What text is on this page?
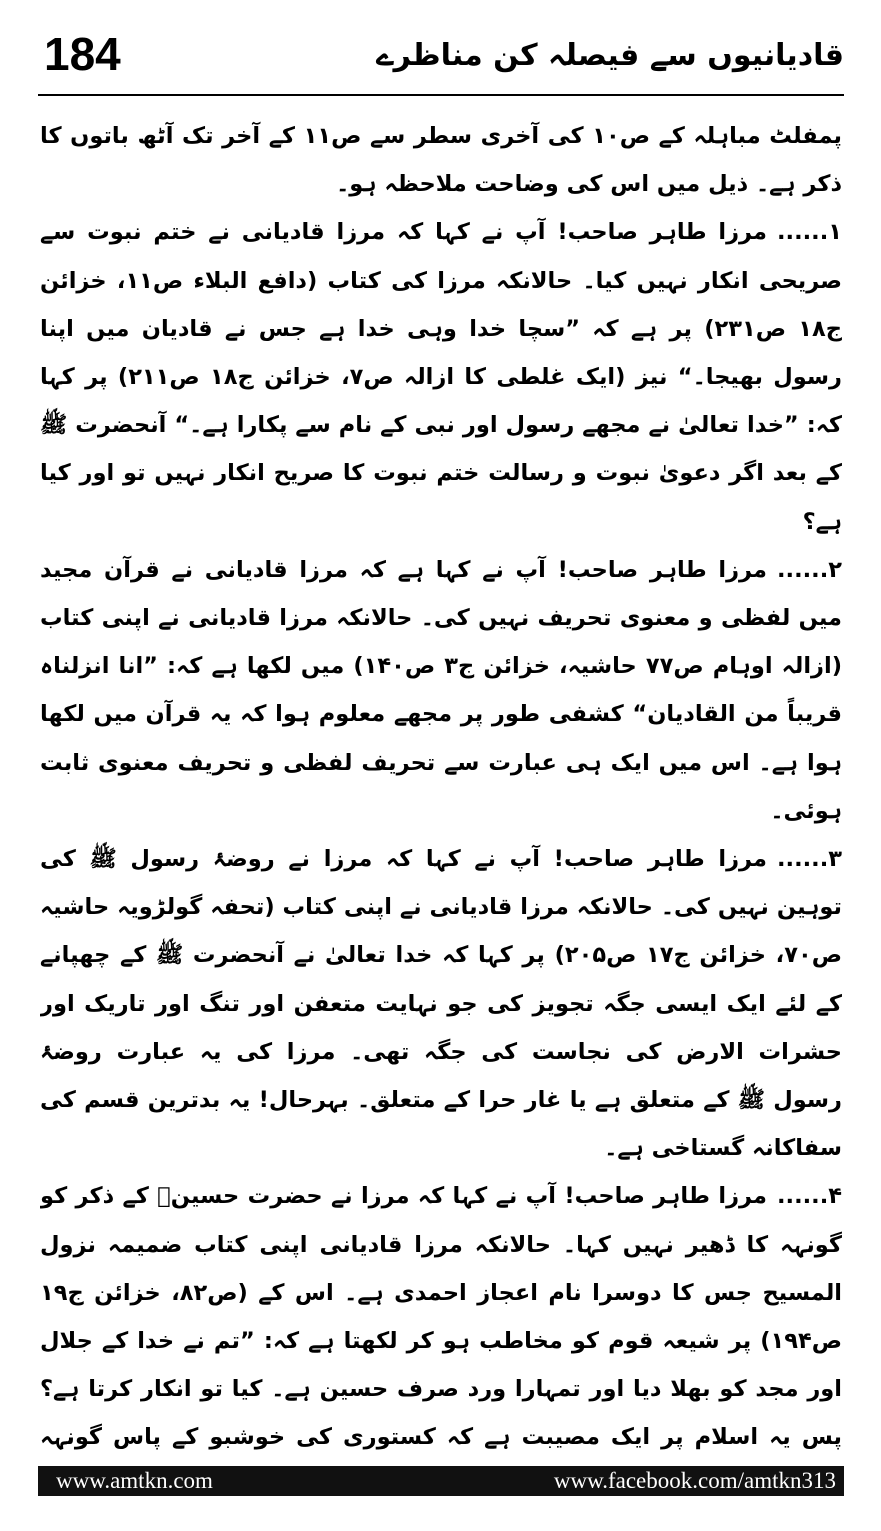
184	قادیانیوں سے فیصلہ کن مناظرے

پمفلٹ مباہلہ کے ص۱۰ کی آخری سطر سے ص۱۱ کے آخر تک آٹھ باتوں کا ذکر ہے۔ ذیل میں اس کی وضاحت ملاحظہ ہو۔

۱......مرزا طاہر صاحب! آپ نے کہا کہ مرزا قادیانی نے ختم نبوت سے صریحی انکار نہیں کیا۔ حالانکہ مرزا کی کتاب (دافع البلاء ص۱۱، خزائن ج۱۸ ص۲۳۱) پر ہے کہ ”سچا خدا وہی خدا ہے جس نے قادیان میں اپنا رسول بھیجا۔“ نیز (ایک غلطی کا ازالہ ص۷، خزائن ج۱۸ ص۲۱۱) پر کہا کہ: ”خدا تعالیٰ نے مجھے رسول اور نبی کے نام سے پکارا ہے۔“ آنحضرت ﷺ کے بعد اگر دعویٰ نبوت و رسالت ختم نبوت کا صریح انکار نہیں تو اور کیا ہے؟

۲......مرزا طاہر صاحب! آپ نے کہا ہے کہ مرزا قادیانی نے قرآن مجید میں لفظی و معنوی تحریف نہیں کی۔ حالانکہ مرزا قادیانی نے اپنی کتاب (ازالہ اوہام ص۷۷ حاشیہ، خزائن ج۳ ص۱۴۰) میں لکھا ہے کہ: ”انا انزلناہ قریباً من القادیان“ کشفی طور پر مجھے معلوم ہوا کہ یہ قرآن میں لکھا ہوا ہے۔ اس میں ایک ہی عبارت سے تحریف لفظی و تحریف معنوی ثابت ہوئی۔

۳......مرزا طاہر صاحب! آپ نے کہا کہ مرزا نے روضۂ رسول ﷺ کی توہین نہیں کی۔ حالانکہ مرزا قادیانی نے اپنی کتاب (تحفہ گولڑویہ حاشیہ ص۷۰، خزائن ج۱۷ ص۲۰۵) پر کہا کہ خدا تعالیٰ نے آنحضرت ﷺ کے چھپانے کے لئے ایک ایسی جگہ تجویز کی جو نہایت متعفن اور تنگ اور تاریک اور حشرات الارض کی نجاست کی جگہ تھی۔ مرزا کی یہ عبارت روضۂ رسول ﷺ کے متعلق ہے یا غار حرا کے متعلق۔ بہرحال! یہ بدترین قسم کی سفاکانہ گستاخی ہے۔

۴......مرزا طاہر صاحب! آپ نے کہا کہ مرزا نے حضرت حسینؓ کے ذکر کو گونہہ کا ڈھیر نہیں کہا۔ حالانکہ مرزا قادیانی اپنی کتاب ضمیمہ نزول المسیح جس کا دوسرا نام اعجاز احمدی ہے۔ اس کے (ص۸۲، خزائن ج۱۹ ص۱۹۴) پر شیعہ قوم کو مخاطب ہو کر لکھتا ہے کہ: ”تم نے خدا کے جلال اور مجد کو بھلا دیا اور تمہارا ورد صرف حسین ہے۔ کیا تو انکار کرتا ہے؟ پس یہ اسلام پر ایک مصیبت ہے کہ کستوری کی خوشبو کے پاس گونہہ

www.amtkn.com	www.facebook.com/amtkn313
